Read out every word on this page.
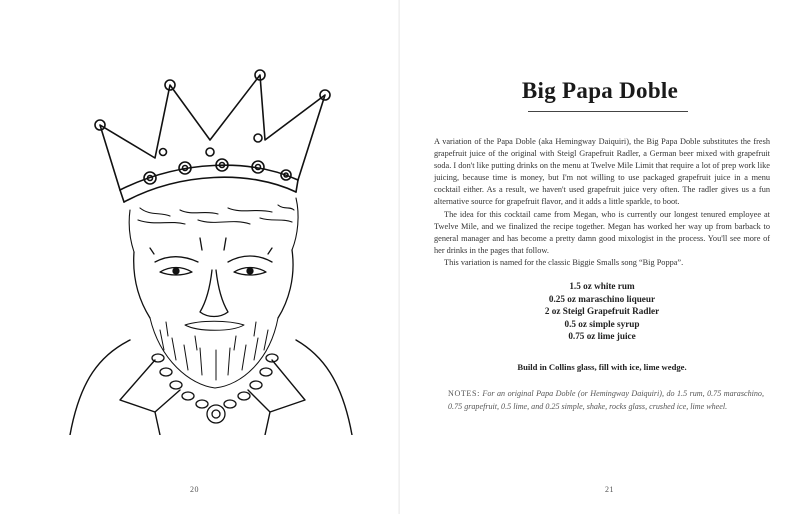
20
Big Papa Doble

A variation of the Papa Doble (aka Hemingway Daiquiri), the Big Papa Doble substitutes the fresh grapefruit juice of the original with Steigl Grapefruit Radler, a German beer mixed with grapefruit soda. I don't like putting drinks on the menu at Twelve Mile Limit that require a lot of prep work like juicing, because time is money, but I'm not willing to use packaged grapefruit juice in a menu cocktail either. As a result, we haven't used grapefruit juice very often. The radler gives us a fun alternative source for grapefruit flavor, and it adds a little sparkle, to boot.

The idea for this cocktail came from Megan, who is currently our longest tenured employee at Twelve Mile, and we finalized the recipe together. Megan has worked her way up from barback to general manager and has become a pretty damn good mixologist in the process. You'll see more of her drinks in the pages that follow.

This variation is named for the classic Biggie Smalls song “Big Poppa”.

1.5 oz white rum
0.25 oz maraschino liqueur
2 oz Steigl Grapefruit Radler
0.5 oz simple syrup
0.75 oz lime juice
Build in Collins glass, fill with ice, lime wedge.
NOTES: For an original Papa Doble (or Hemingway Daiquiri), do 1.5 rum, 0.75 maraschino, 0.75 grapefruit, 0.5 lime, and 0.25 simple, shake, rocks glass, crushed ice, lime wheel.
21
